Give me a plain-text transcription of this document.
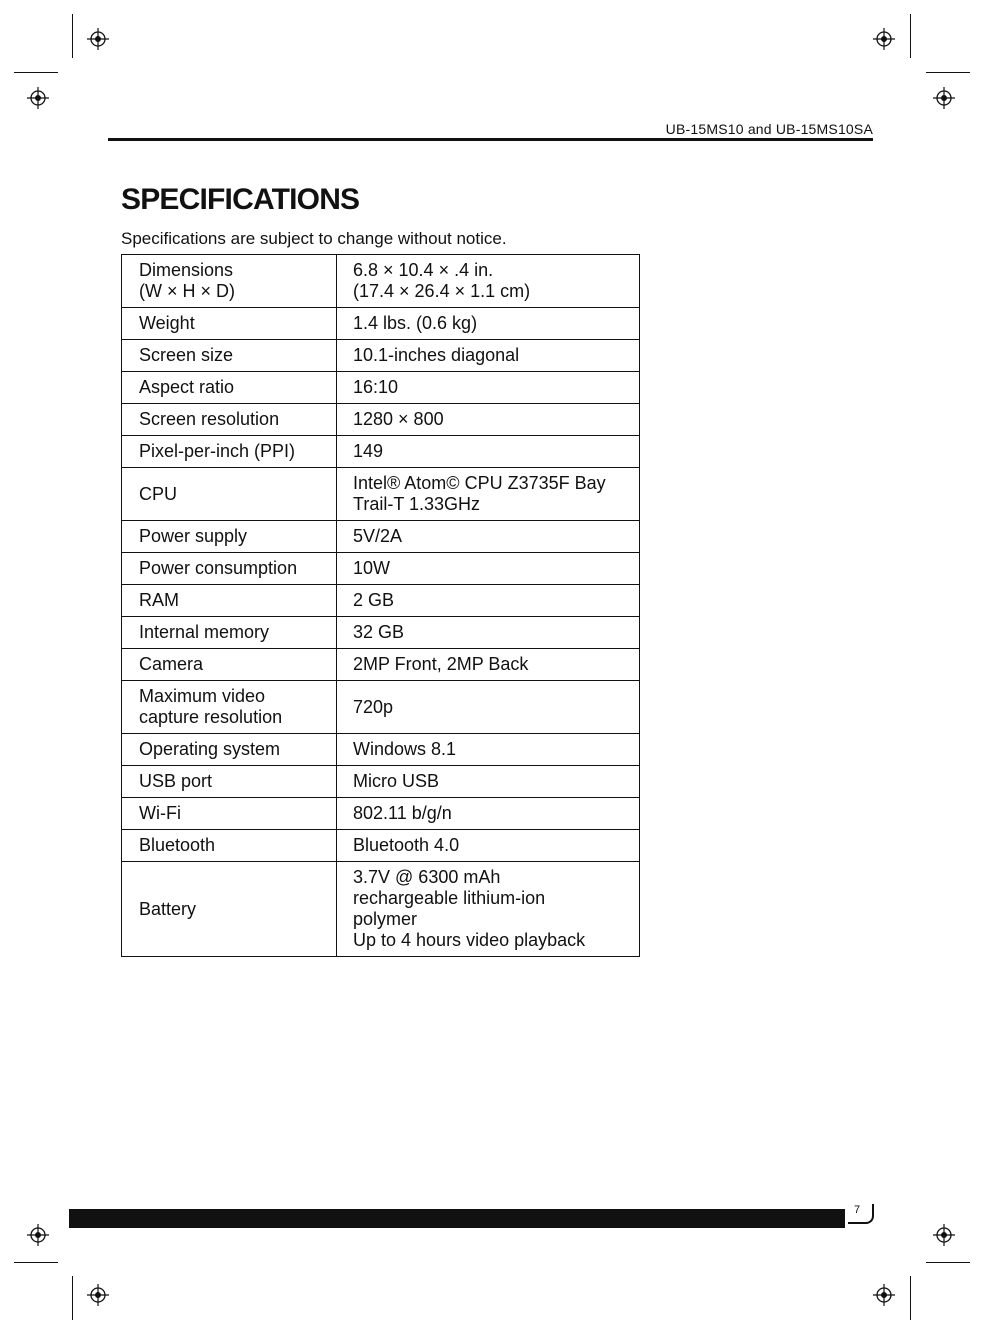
UB-15MS10 and UB-15MS10SA
SPECIFICATIONS

Specifications are subject to change without notice.

Dimensions
(W × H × D)	6.8 × 10.4 × .4 in.
(17.4 × 26.4 × 1.1 cm)
Weight	1.4 lbs. (0.6 kg)
Screen size	10.1-inches diagonal
Aspect ratio	16:10
Screen resolution	1280 × 800
Pixel-per-inch (PPI)	149
CPU	Intel® Atom© CPU Z3735F Bay
Trail-T 1.33GHz
Power supply	5V/2A
Power consumption	10W
RAM	2 GB
Internal memory	32 GB
Camera	2MP Front, 2MP Back
Maximum video
capture resolution	720p
Operating system	Windows 8.1
USB port	Micro USB
Wi-Fi	802.11 b/g/n
Bluetooth	Bluetooth 4.0
Battery	3.7V @ 6300 mAh
rechargeable lithium-ion
polymer
Up to 4 hours video playback
7
